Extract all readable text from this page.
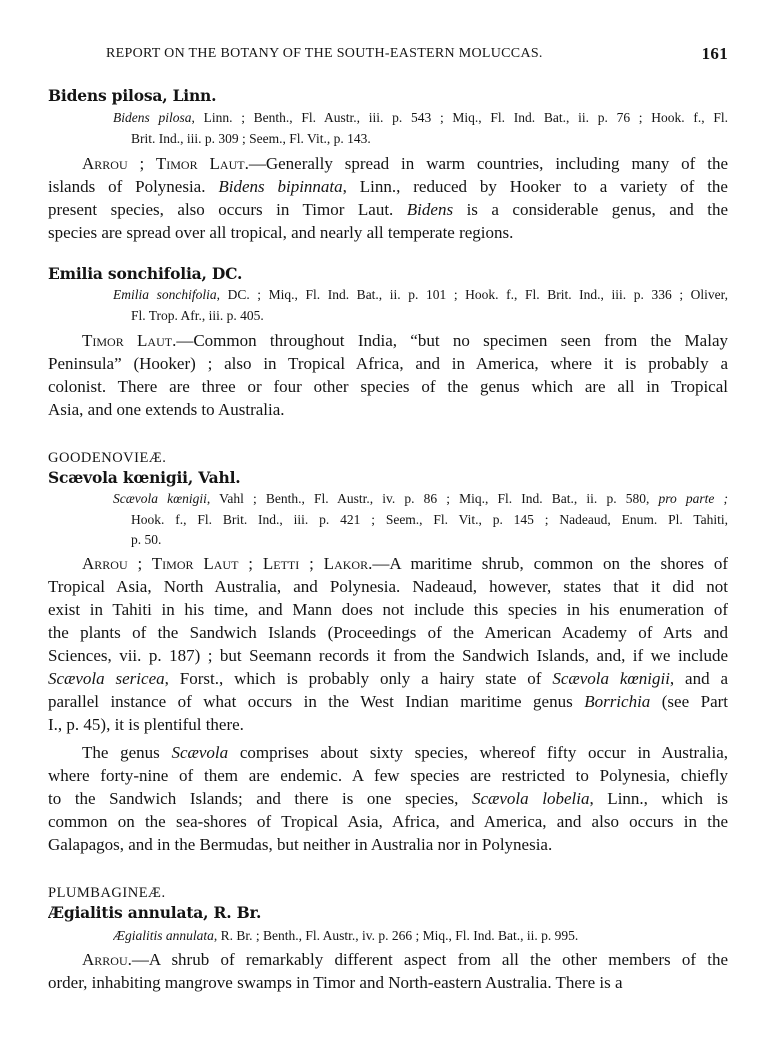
REPORT ON THE BOTANY OF THE SOUTH-EASTERN MOLUCCAS.	161
Bidens pilosa, Linn.
Bidens pilosa, Linn. ; Benth., Fl. Austr., iii. p. 543 ; Miq., Fl. Ind. Bat., ii. p. 76 ; Hook. f., Fl.
Brit. Ind., iii. p. 309 ; Seem., Fl. Vit., p. 143.
Arrou ; Timor Laut.—Generally spread in warm countries, including many of the
islands of Polynesia. Bidens bipinnata, Linn., reduced by Hooker to a variety of the
present species, also occurs in Timor Laut. Bidens is a considerable genus, and the
species are spread over all tropical, and nearly all temperate regions.
Emilia sonchifolia, DC.
Emilia sonchifolia, DC. ; Miq., Fl. Ind. Bat., ii. p. 101 ; Hook. f., Fl. Brit. Ind., iii. p. 336 ; Oliver,
Fl. Trop. Afr., iii. p. 405.
Timor Laut.—Common throughout India, “but no specimen seen from the Malay
Peninsula” (Hooker) ; also in Tropical Africa, and in America, where it is probably a
colonist. There are three or four other species of the genus which are all in Tropical
Asia, and one extends to Australia.
GOODENOVIEÆ.
Scævola kœnigii, Vahl.
Scævola kœnigii, Vahl ; Benth., Fl. Austr., iv. p. 86 ; Miq., Fl. Ind. Bat., ii. p. 580, pro parte ;
Hook. f., Fl. Brit. Ind., iii. p. 421 ; Seem., Fl. Vit., p. 145 ; Nadeaud, Enum. Pl. Tahiti,
p. 50.
Arrou ; Timor Laut ; Letti ; Lakor.—A maritime shrub, common on the shores of
Tropical Asia, North Australia, and Polynesia. Nadeaud, however, states that it did not
exist in Tahiti in his time, and Mann does not include this species in his enumeration of
the plants of the Sandwich Islands (Proceedings of the American Academy of Arts and
Sciences, vii. p. 187) ; but Seemann records it from the Sandwich Islands, and, if we include
Scævola sericea, Forst., which is probably only a hairy state of Scævola kœnigii, and a
parallel instance of what occurs in the West Indian maritime genus Borrichia (see Part
I., p. 45), it is plentiful there.
The genus Scævola comprises about sixty species, whereof fifty occur in Australia,
where forty-nine of them are endemic. A few species are restricted to Polynesia, chiefly
to the Sandwich Islands; and there is one species, Scævola lobelia, Linn., which is
common on the sea-shores of Tropical Asia, Africa, and America, and also occurs in the
Galapagos, and in the Bermudas, but neither in Australia nor in Polynesia.
PLUMBAGINEÆ.
Ægialitis annulata, R. Br.
Ægialitis annulata, R. Br. ; Benth., Fl. Austr., iv. p. 266 ; Miq., Fl. Ind. Bat., ii. p. 995.
Arrou.—A shrub of remarkably different aspect from all the other members of the
order, inhabiting mangrove swamps in Timor and North-eastern Australia. There is a
